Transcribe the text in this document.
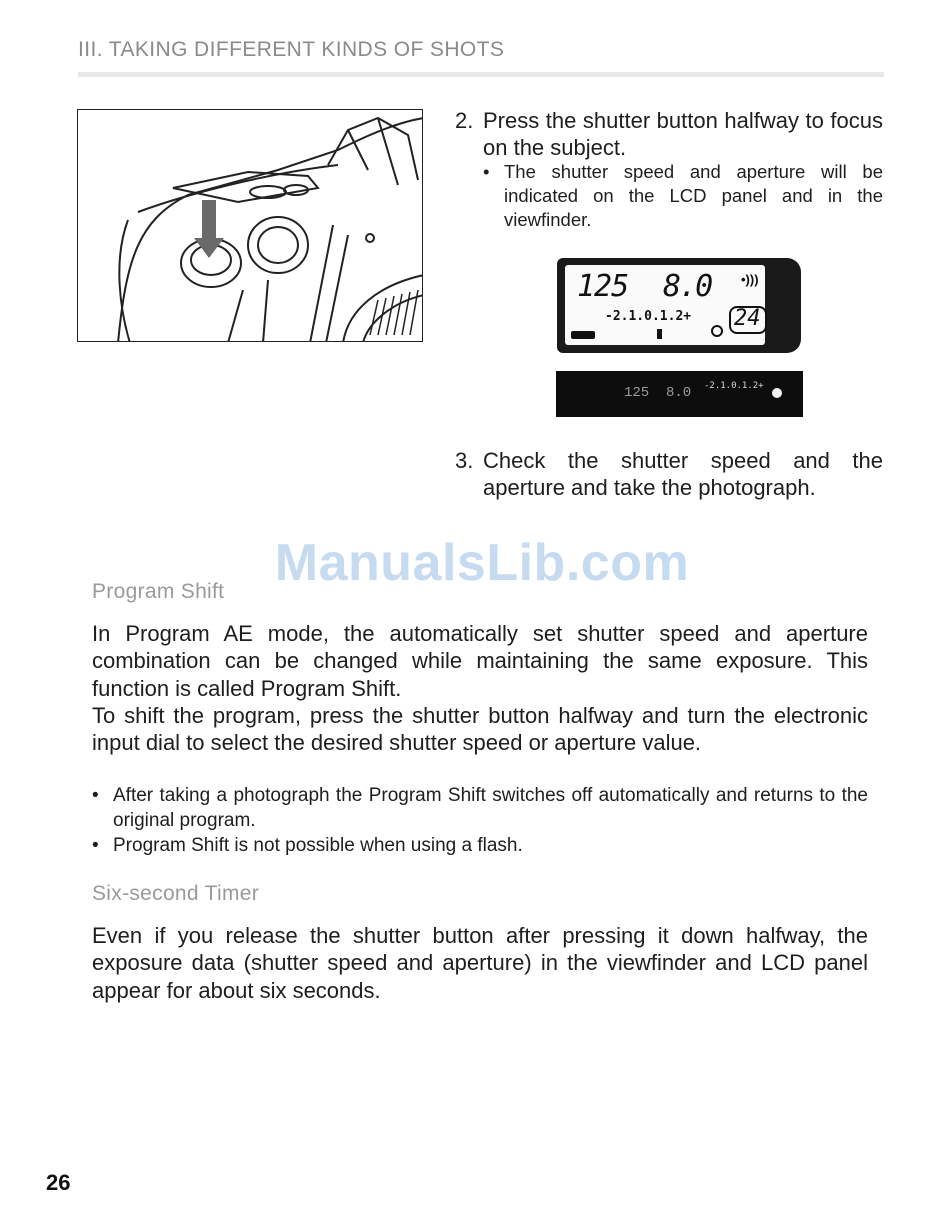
III. TAKING DIFFERENT KINDS OF SHOTS
2. Press the shutter button halfway to focus on the subject.
• The shutter speed and aperture will be indicated on the LCD panel and in the viewfinder.
125 8.0
-2.1.0.1.2+
•)))
24
125 8.0 -2.1.0.1.2+
3. Check the shutter speed and the aperture and take the photograph.
ManualsLib.com
Program Shift

In Program AE mode, the automatically set shutter speed and aperture combination can be changed while maintaining the same exposure. This function is called Program Shift.

To shift the program, press the shutter button halfway and turn the electronic input dial to select the desired shutter speed or aperture value.

• After taking a photograph the Program Shift switches off automatically and returns to the original program.
• Program Shift is not possible when using a flash.
Six-second Timer

Even if you release the shutter button after pressing it down halfway, the exposure data (shutter speed and aperture) in the viewfinder and LCD panel appear for about six seconds.

26
